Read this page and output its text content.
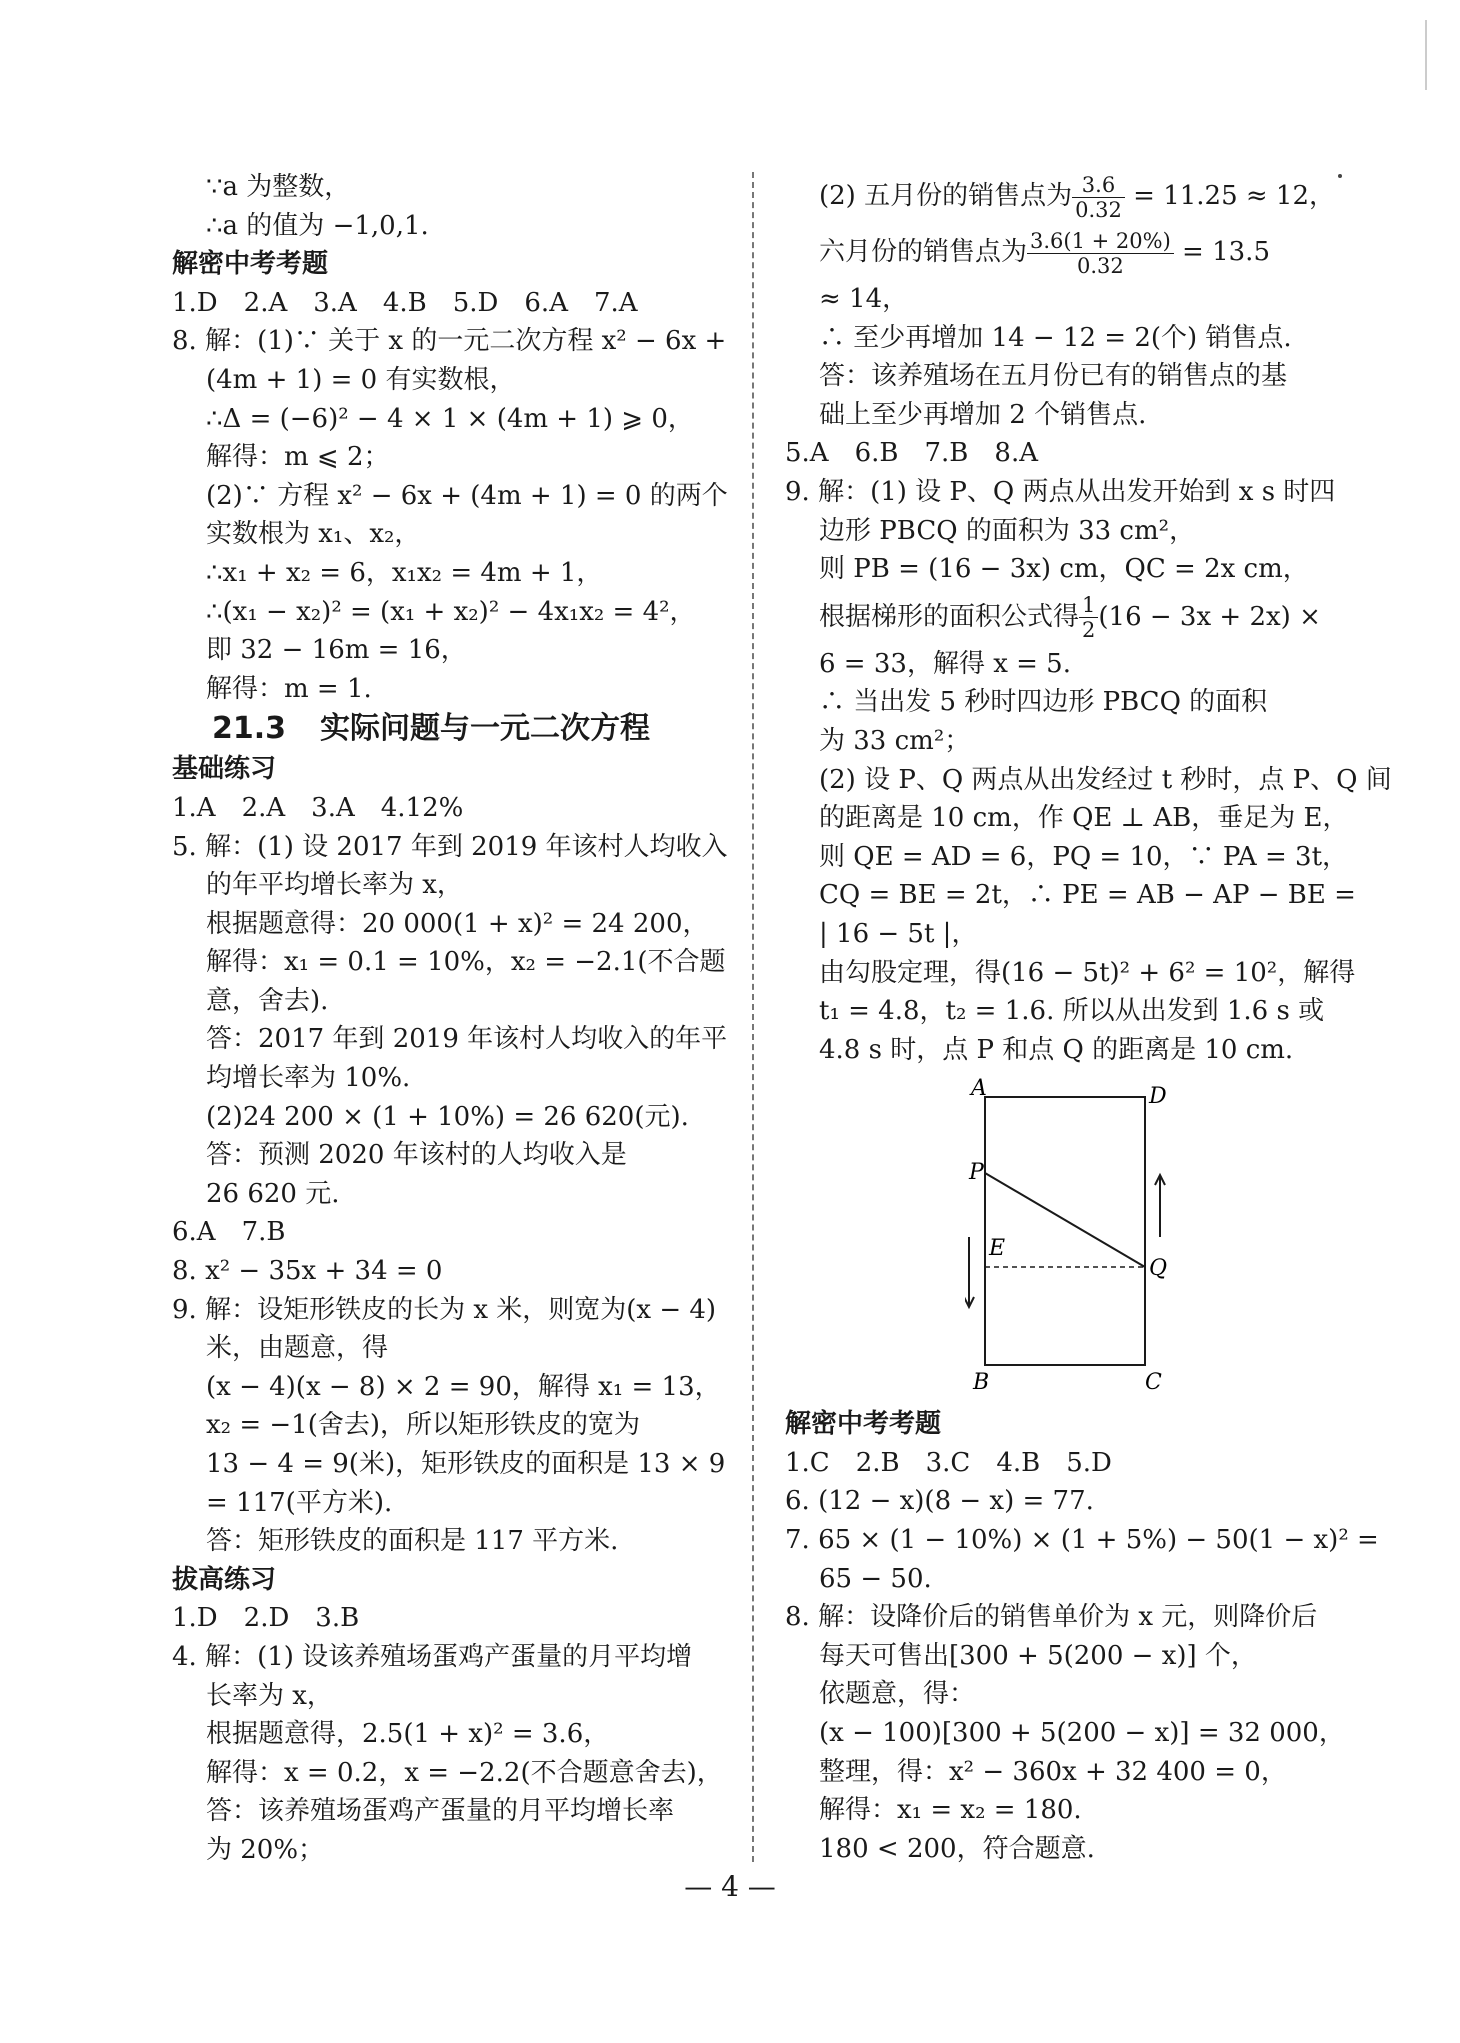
∵a 为整数，
∴a 的值为 −1,0,1.
解密中考考题
1.D　2.A　3.A　4.B　5.D　6.A　7.A
8. 解：(1)∵ 关于 x 的一元二次方程 x² − 6x +
(4m + 1) = 0 有实数根，
∴Δ = (−6)² − 4 × 1 × (4m + 1) ⩾ 0，
解得：m ⩽ 2；
(2)∵ 方程 x² − 6x + (4m + 1) = 0 的两个
实数根为 x₁、x₂，
∴x₁ + x₂ = 6，x₁x₂ = 4m + 1，
∴(x₁ − x₂)² = (x₁ + x₂)² − 4x₁x₂ = 4²，
即 32 − 16m = 16，
解得：m = 1.
21.3 实际问题与一元二次方程
基础练习
1.A　2.A　3.A　4.12%
5. 解：(1) 设 2017 年到 2019 年该村人均收入
的年平均增长率为 x，
根据题意得：20 000(1 + x)² = 24 200，
解得：x₁ = 0.1 = 10%，x₂ = −2.1(不合题
意，舍去).
答：2017 年到 2019 年该村人均收入的年平
均增长率为 10%.
(2)24 200 × (1 + 10%) = 26 620(元).
答：预测 2020 年该村的人均收入是
26 620 元.
6.A　7.B
8. x² − 35x + 34 = 0
9. 解：设矩形铁皮的长为 x 米，则宽为(x − 4)
米，由题意，得
(x − 4)(x − 8) × 2 = 90，解得 x₁ = 13，
x₂ = −1(舍去)，所以矩形铁皮的宽为
13 − 4 = 9(米)，矩形铁皮的面积是 13 × 9
= 117(平方米).
答：矩形铁皮的面积是 117 平方米.
拔高练习
1.D　2.D　3.B
4. 解：(1) 设该养殖场蛋鸡产蛋量的月平均增
长率为 x，
根据题意得，2.5(1 + x)² = 3.6，
解得：x = 0.2，x = −2.2(不合题意舍去)，
答：该养殖场蛋鸡产蛋量的月平均增长率
为 20%；
(2) 五月份的销售点为 $\frac{3.6}{0.32} = 11.25 \approx 12$，
六月份的销售点为 $\frac{3.6(1 + 20\%)}{0.32} = 13.5$
≈ 14，
∴ 至少再增加 14 − 12 = 2(个) 销售点.
答：该养殖场在五月份已有的销售点的基
础上至少再增加 2 个销售点.
5.A　6.B　7.B　8.A
9. 解：(1) 设 P、Q 两点从出发开始到 x s 时四
边形 PBCQ 的面积为 33 cm²，
则 PB = (16 − 3x) cm，QC = 2x cm，
根据梯形的面积公式得 $\frac{1}{2} (16 - 3x + 2x)$ ×
6 = 33，解得 x = 5.
∴ 当出发 5 秒时四边形 PBCQ 的面积
为 33 cm²；
(2) 设 P、Q 两点从出发经过 t 秒时，点 P、Q 间
的距离是 10 cm，作 QE ⊥ AB，垂足为 E，
则 QE = AD = 6，PQ = 10，∵ PA = 3t，
CQ = BE = 2t，∴ PE = AB − AP − BE =
| 16 − 5t |，
由勾股定理，得(16 − 5t)² + 6² = 10²，解得
t₁ = 4.8，t₂ = 1.6. 所以从出发到 1.6 s 或
4.8 s 时，点 P 和点 Q 的距离是 10 cm.
A	D
P
E
Q
B	C
解密中考考题
1.C　2.B　3.C　4.B　5.D
6. (12 − x)(8 − x) = 77.
7. 65 × (1 − 10%) × (1 + 5%) − 50(1 − x)² =
65 − 50.
8. 解：设降价后的销售单价为 x 元，则降价后
每天可售出[300 + 5(200 − x)] 个，
依题意，得：
(x − 100)[300 + 5(200 − x)] = 32 000，
整理，得：x² − 360x + 32 400 = 0，
解得：x₁ = x₂ = 180.
180 < 200，符合题意.
— 4 —
